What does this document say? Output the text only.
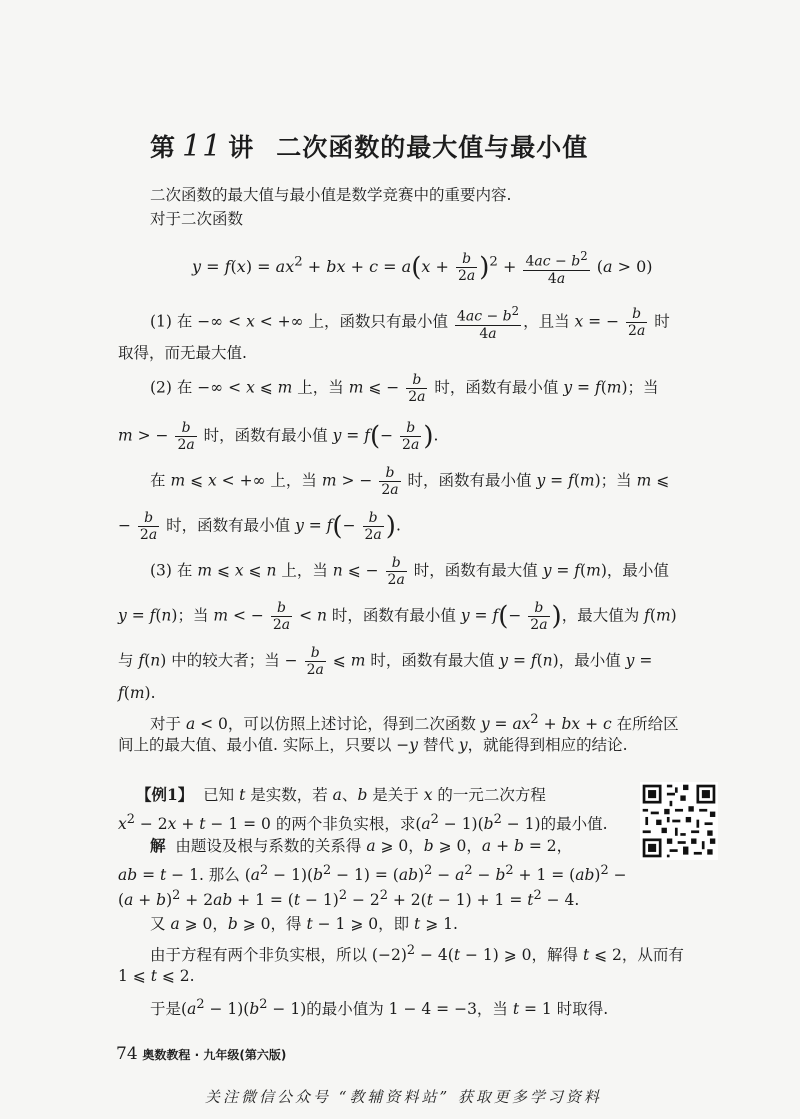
第 11 讲 二次函数的最大值与最小值
二次函数的最大值与最小值是数学竞赛中的重要内容.
对于二次函数
$y = f(x) = ax^2$ + bx + $c = a(x + \frac{b}{2a} )^2 + \frac{4ac - b^2}{4a} (a > 0)$
(1) 在 −∞ < x < +∞ 上，函数只有最小值 $\frac{4ac - b^2}{4a}$ ，且当 x = − $\frac{b}{2a}$ 时
取得，而无最大值.
(2) 在 −∞ < x ⩽ m 上，当 m ⩽ − $\frac{b}{2a}$ 时，函数有最小值 y = f(m)；当
m > − $\frac{b}{2a}$ 时，函数有最小值 $y = f(- \frac{b}{2a}$ ).
在 m ⩽ x < +∞ 上，当 m > − $\frac{b}{2a}$ 时，函数有最小值 y = f(m)；当 m ⩽
− $\frac{b}{2a}$ 时，函数有最小值 $y = f(- \frac{b}{2a}$ ).
(3) 在 m ⩽ x ⩽ n 上，当 n ⩽ − $\frac{b}{2a}$ 时，函数有最大值 y = f(m)，最小值
y = f(n)；当 m < − $\frac{b}{2a} < n$ 时，函数有最小值 $y = f(- \frac{b}{2a}$ )，最大值为 f(m)
与 f(n) 中的较大者；当 − $\frac{b}{2a}$ ⩽ m 时，函数有最大值 y = f(n)，最小值 y =
f(m).
对于 a < 0，可以仿照上述讨论，得到二次函数 $y = ax^2$ + bx + c 在所给区
间上的最大值、最小值. 实际上，只要以 −y 替代 y，就能得到相应的结论.
【例1】  已知 t 是实数，若 a、b 是关于 x 的一元二次方程
$x^2 - 2x + t - 1 = 0$ 的两个非负实根，求$(a^2 - 1)(b^2 - 1)$的最小值.
解  由题设及根与系数的关系得 a ⩾ 0，b ⩾ 0，a + b = 2，
ab = t − 1. 那么 $(a^2 - 1)(b^2 - 1) = (ab)^2 - a^2 - b^2 + 1 = (ab)^2$ −
$(a + b)^2 + 2ab + 1 = (t - 1)^2 - 2^2 + 2(t - 1) + 1 = t^2 - 4$.
又 a ⩾ 0，b ⩾ 0，得 t − 1 ⩾ 0，即 t ⩾ 1.
由于方程有两个非负实根，所以 $(-2)^2 - 4(t - 1)$ ⩾ 0，解得 t ⩽ 2，从而有
1 ⩽ t ⩽ 2.
于是$(a^2 - 1)(b^2 - 1)$的最小值为 1 − 4 = −3，当 t = 1 时取得.
74 奥数教程 · 九年级(第六版)
关注微信公众号 “教辅资料站” 获取更多学习资料
